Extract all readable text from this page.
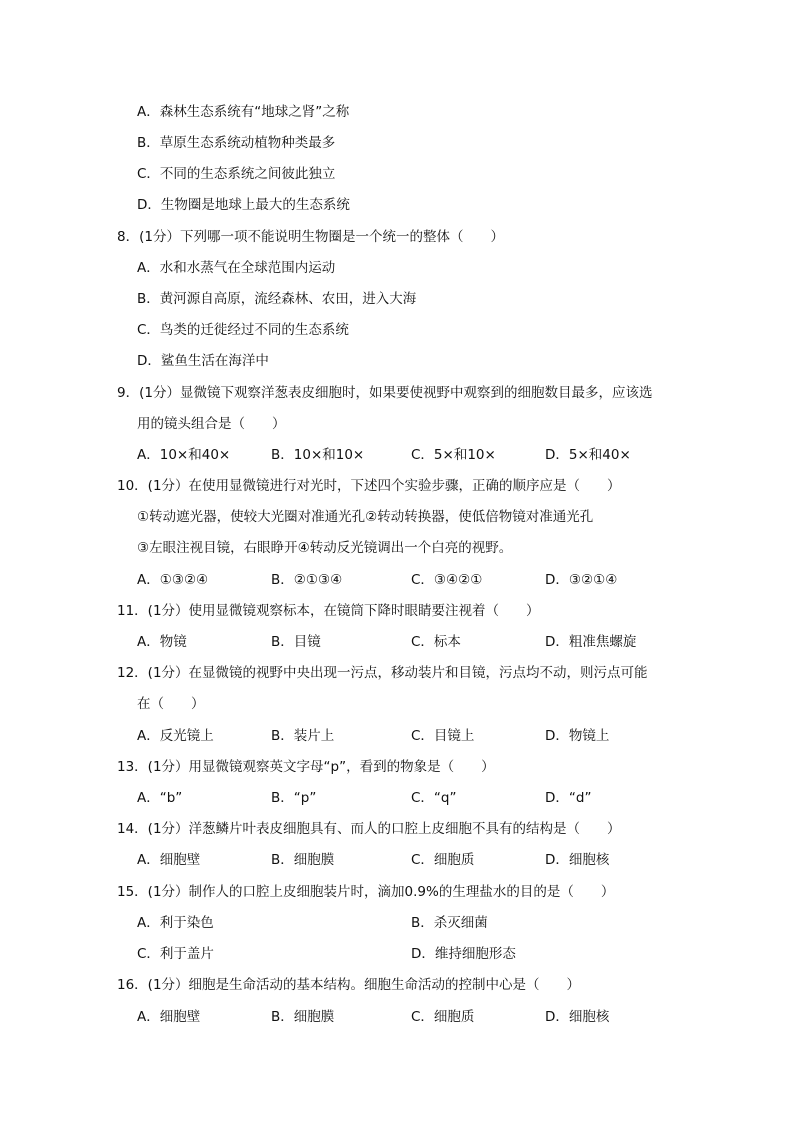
A．森林生态系统有“地球之肾”之称
B．草原生态系统动植物种类最多
C．不同的生态系统之间彼此独立
D．生物圈是地球上最大的生态系统
8．(1分）下列哪一项不能说明生物圈是一个统一的整体（　　）
A．水和水蒸气在全球范围内运动
B．黄河源自高原，流经森林、农田，进入大海
C．鸟类的迁徙经过不同的生态系统
D．鲨鱼生活在海洋中
9．(1分）显微镜下观察洋葱表皮细胞时，如果要使视野中观察到的细胞数目最多，应该选
用的镜头组合是（　　）
A．10×和40×	B．10×和10×	C．5×和10×	D．5×和40×
10．(1分）在使用显微镜进行对光时，下述四个实验步骤，正确的顺序应是（　　）
①转动遮光器，使较大光圈对准通光孔②转动转换器，使低倍物镜对准通光孔
③左眼注视目镜，右眼睁开④转动反光镜调出一个白亮的视野。
A．①③②④	B．②①③④	C．③④②①	D．③②①④
11．(1分）使用显微镜观察标本，在镜筒下降时眼睛要注视着（　　）
A．物镜	B．目镜	C．标本	D．粗准焦螺旋
12．(1分）在显微镜的视野中央出现一污点，移动装片和目镜，污点均不动，则污点可能
在（　　）
A．反光镜上	B．装片上	C．目镜上	D．物镜上
13．(1分）用显微镜观察英文字母“p”，看到的物象是（　　）
A．“b”	B．“p”	C．“q”	D．“d”
14．(1分）洋葱鳞片叶表皮细胞具有、而人的口腔上皮细胞不具有的结构是（　　）
A．细胞壁	B．细胞膜	C．细胞质	D．细胞核
15．(1分）制作人的口腔上皮细胞装片时，滴加0.9%的生理盐水的目的是（　　）
A．利于染色	B．杀灭细菌
C．利于盖片	D．维持细胞形态
16．(1分）细胞是生命活动的基本结构。细胞生命活动的控制中心是（　　）
A．细胞壁	B．细胞膜	C．细胞质	D．细胞核
